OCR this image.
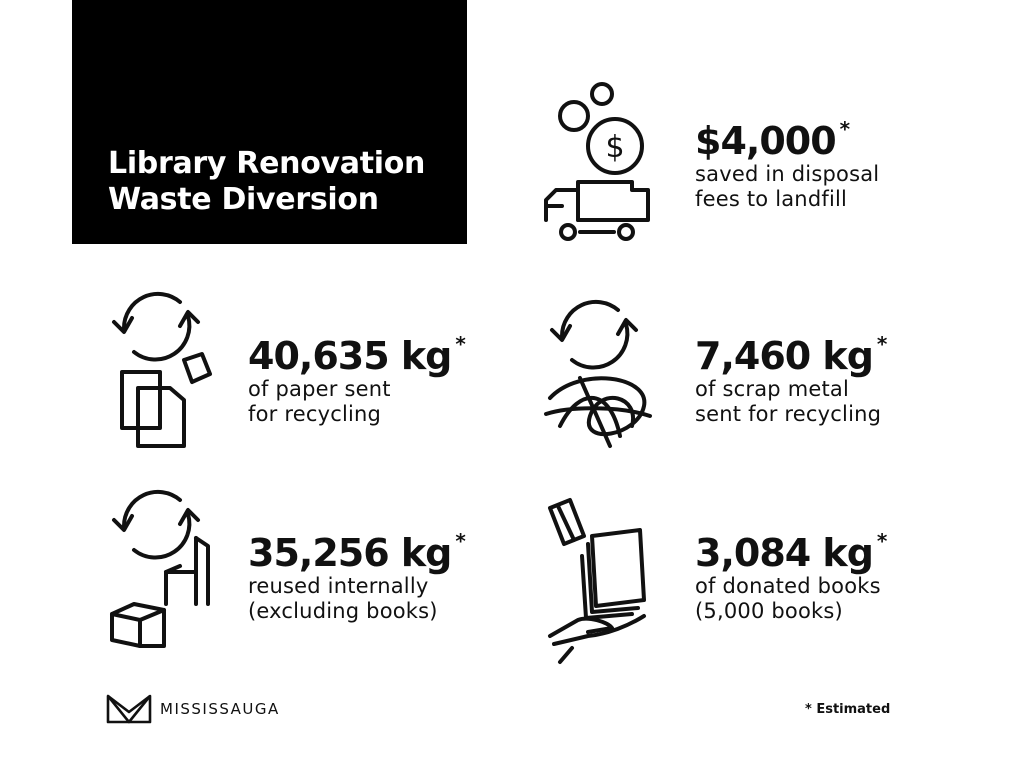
Library Renovation
Waste Diversion
$ $4,000 *
saved in disposal
fees to landfill
40,635 kg *
of paper sent
for recycling
7,460 kg *
of scrap metal
sent for recycling
35,256 kg *
reused internally
(excluding books)
3,084 kg *
of donated books
(5,000 books)
MISSISSAUGA	* Estimated
